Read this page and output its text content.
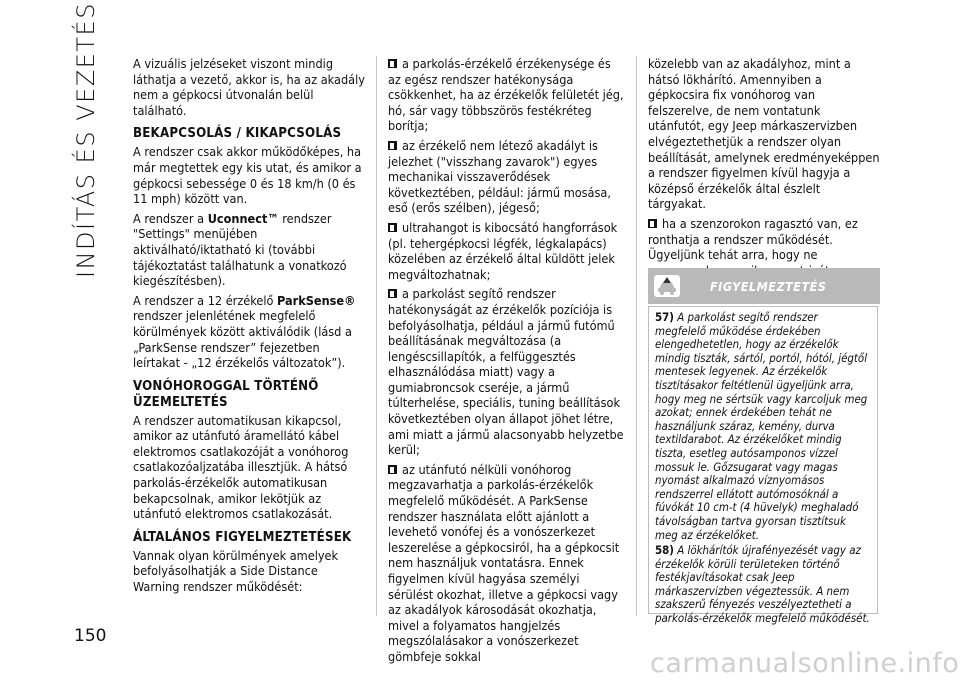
INDÍTÁS ÉS VEZETÉS	A vizuális jelzéseket viszont mindig láthatja a vezető, akkor is, ha az akadály nem a gépkocsi útvonalán belül található.

BEKAPCSOLÁS / KIKAPCSOLÁS

A rendszer csak akkor működőképes, ha már megtettek egy kis utat, és amikor a gépkocsi sebessége 0 és 18 km/h (0 és 11 mph) között van.

A rendszer a Uconnect™ rendszer "Settings" menüjében aktiválható/iktatható ki (további tájékoztatást találhatunk a vonatkozó kiegészítésben).

A rendszer a 12 érzékelő ParkSense® rendszer jelenlétének megfelelő körülmények között aktiválódik (lásd a „ParkSense rendszer” fejezetben leírtakat - „12 érzékelős változatok”).

VONÓHOROGGAL TÖRTÉNŐ ÜZEMELTETÉS

A rendszer automatikusan kikapcsol, amikor az utánfutó áramellátó kábel elektromos csatlakozóját a vonóhorog csatlakozóaljzatába illesztjük. A hátsó parkolás-érzékelők automatikusan bekapcsolnak, amikor lekötjük az utánfutó elektromos csatlakozását.

ÁLTALÁNOS FIGYELMEZTETÉSEK

Vannak olyan körülmények amelyek befolyásolhatják a Side Distance Warning rendszer működését:

a parkolás-érzékelő érzékenysége és az egész rendszer hatékonysága csökkenhet, ha az érzékelők felületét jég, hó, sár vagy többszörös festékréteg borítja;

az érzékelő nem létező akadályt is jelezhet ("visszhang zavarok") egyes mechanikai visszaverődések következtében, például: jármű mosása, eső (erős szélben), jégeső;

ultrahangot is kibocsátó hangforrások (pl. tehergépkocsi légfék, légkalapács) közelében az érzékelő által küldött jelek megváltozhatnak;

a parkolást segítő rendszer hatékonyságát az érzékelők pozíciója is befolyásolhatja, például a jármű futómű beállításának megváltozása (a lengéscsillapítók, a felfüggesztés elhasználódása miatt) vagy a gumiabroncsok cseréje, a jármű túlterhelése, speciális, tuning beállítások következtében olyan állapot jöhet létre, ami miatt a jármű alacsonyabb helyzetbe kerül;

az utánfutó nélküli vonóhorog megzavarhatja a parkolás-érzékelők megfelelő működését. A ParkSense rendszer használata előtt ajánlott a levehető vonófej és a vonószerkezet leszerelése a gépkocsiról, ha a gépkocsit nem használjuk vontatásra. Ennek figyelmen kívül hagyása személyi sérülést okozhat, illetve a gépkocsi vagy az akadályok károsodását okozhatja, mivel a folyamatos hangjelzés megszólalásakor a vonószerkezet gömbfeje sokkal

közelebb van az akadályhoz, mint a hátsó lökhárító. Amennyiben a gépkocsira fix vonóhorog van felszerelve, de nem vontatunk utánfutót, egy Jeep márkaszervizben elvégeztethetjük a rendszer olyan beállítását, amelynek eredményeképpen a rendszer figyelmen kívül hagyja a középső érzékelők által észlelt tárgyakat.

ha a szenzorokon ragasztó van, ez ronthatja a rendszer működését. Ügyeljünk tehát arra, hogy ne

FIGYELMEZTETÉS

57) A parkolást segítő rendszer megfelelő működése érdekében elengedhetetlen, hogy az érzékelők mindig tiszták, sártól, portól, hótól, jégtől mentesek legyenek. Az érzékelők tisztításakor feltétlenül ügyeljünk arra, hogy meg ne sértsük vagy karcoljuk meg azokat; ennek érdekében tehát ne használjunk száraz, kemény, durva textildarabot. Az érzékelőket mindig tiszta, esetleg autósamponos vízzel mossuk le. Gőzsugarat vagy magas nyomást alkalmazó víznyomásos rendszerrel ellátott autómosóknál a fúvókát 10 cm-t (4 hüvelyk) meghaladó távolságban tartva gyorsan tisztítsuk meg az érzékelőket.

58) A lökhárítók újrafényezését vagy az érzékelők körüli területeken történő festékjavításokat csak Jeep márkaszervizben végeztessük. A nem szakszerű fényezés veszélyeztetheti a parkolás-érzékelők megfelelő működését.

150
carmanualsonline.info
